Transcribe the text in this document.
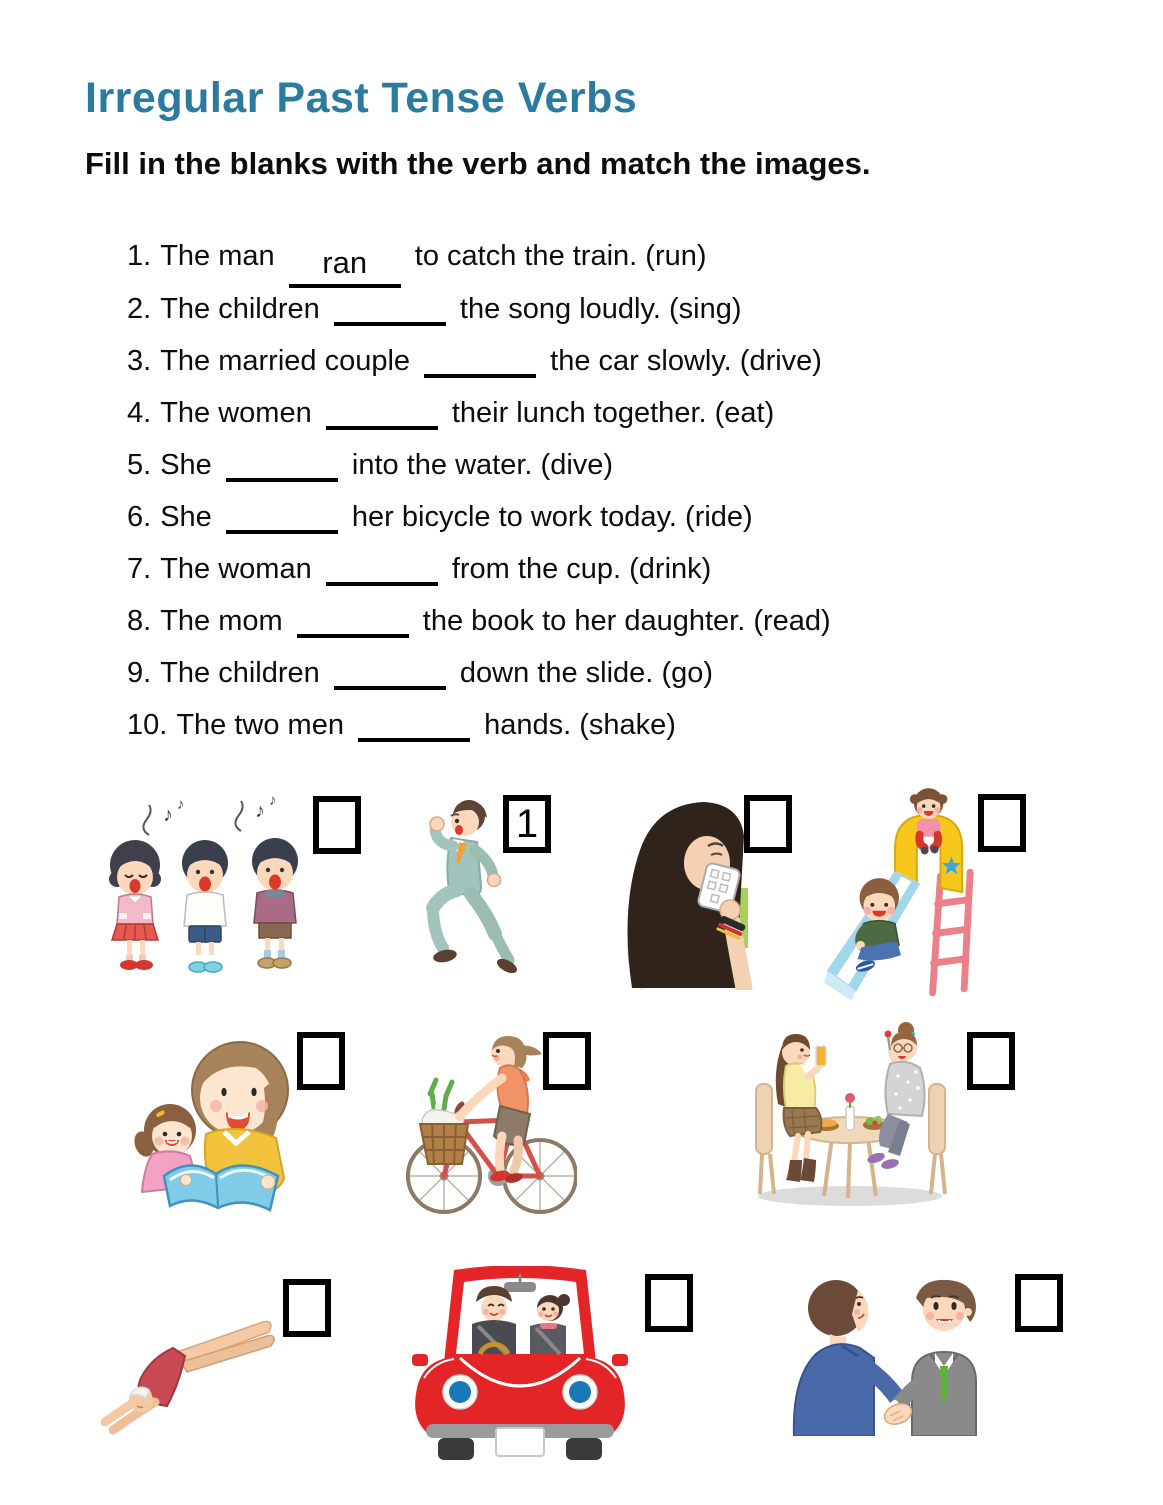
Irregular Past Tense Verbs

Fill in the blanks with the verb and match the images.

1. The man ran to catch the train. (run)
2. The children	the song loudly. (sing)
3. The married couple	the car slowly. (drive)
4. The women	their lunch together. (eat)
5. She	into the water. (dive)
6. She	her bicycle to work today. (ride)
7. The woman	from the cup. (drink)
8. The mom	the book to her daughter. (read)
9. The children	down the slide. (go)
10. The two men	hands. (shake)
♪ ♪	♪ ♪
1
